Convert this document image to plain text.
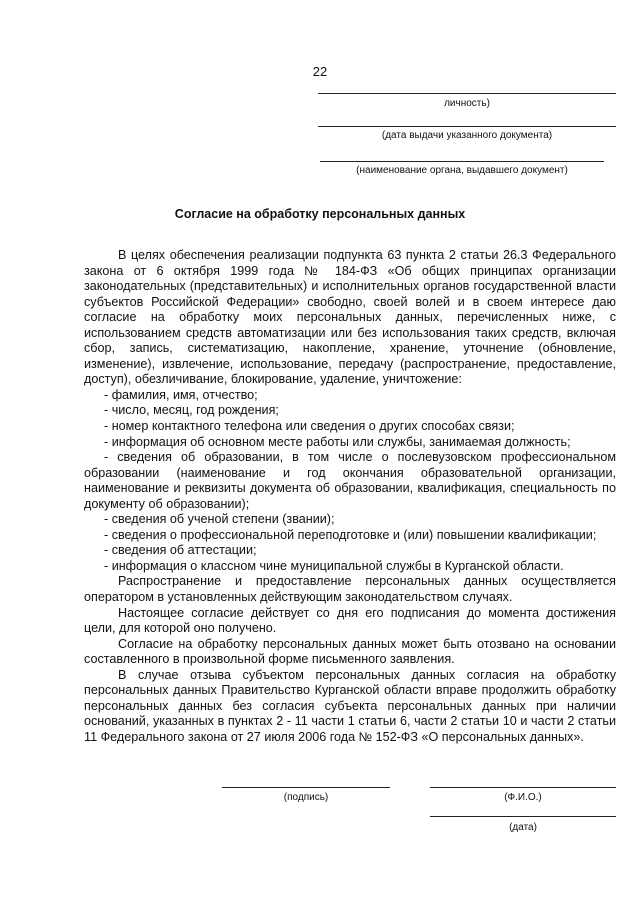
22
личность)
(дата выдачи указанного документа)
(наименование органа, выдавшего документ)
Согласие на обработку персональных данных

В целях обеспечения реализации подпункта 63 пункта 2 статьи 26.3 Федерального закона от 6 октября 1999 года № 184-ФЗ «Об общих принципах организации законодательных (представительных) и исполнительных органов государственной власти субъектов Российской Федерации» свободно, своей волей и в своем интересе даю согласие на обработку моих персональных данных, перечисленных ниже, с использованием средств автоматизации или без использования таких средств, включая сбор, запись, систематизацию, накопление, хранение, уточнение (обновление, изменение), извлечение, использование, передачу (распространение, предоставление, доступ), обезличивание, блокирование, удаление, уничтожение:

- фамилия, имя, отчество;
- число, месяц, год рождения;
- номер контактного телефона или сведения о других способах связи;
- информация об основном месте работы или службы, занимаемая должность;
- сведения об образовании, в том числе о послевузовском профессиональном образовании (наименование и год окончания образовательной организации, наименование и реквизиты документа об образовании, квалификация, специальность по документу об образовании);
- сведения об ученой степени (звании);
- сведения о профессиональной переподготовке и (или) повышении квалификации;
- сведения об аттестации;
- информация о классном чине муниципальной службы в Курганской области.

Распространение и предоставление персональных данных осуществляется оператором в установленных действующим законодательством случаях.

Настоящее согласие действует со дня его подписания до момента достижения цели, для которой оно получено.

Согласие на обработку персональных данных может быть отозвано на основании составленного в произвольной форме письменного заявления.

В случае отзыва субъектом персональных данных согласия на обработку персональных данных Правительство Курганской области вправе продолжить обработку персональных данных без согласия субъекта персональных данных при наличии оснований, указанных в пунктах 2 - 11 части 1 статьи 6, части 2 статьи 10 и части 2 статьи 11 Федерального закона от 27 июля 2006 года № 152-ФЗ «О персональных данных».

(подпись)	(Ф.И.О.)
(дата)
